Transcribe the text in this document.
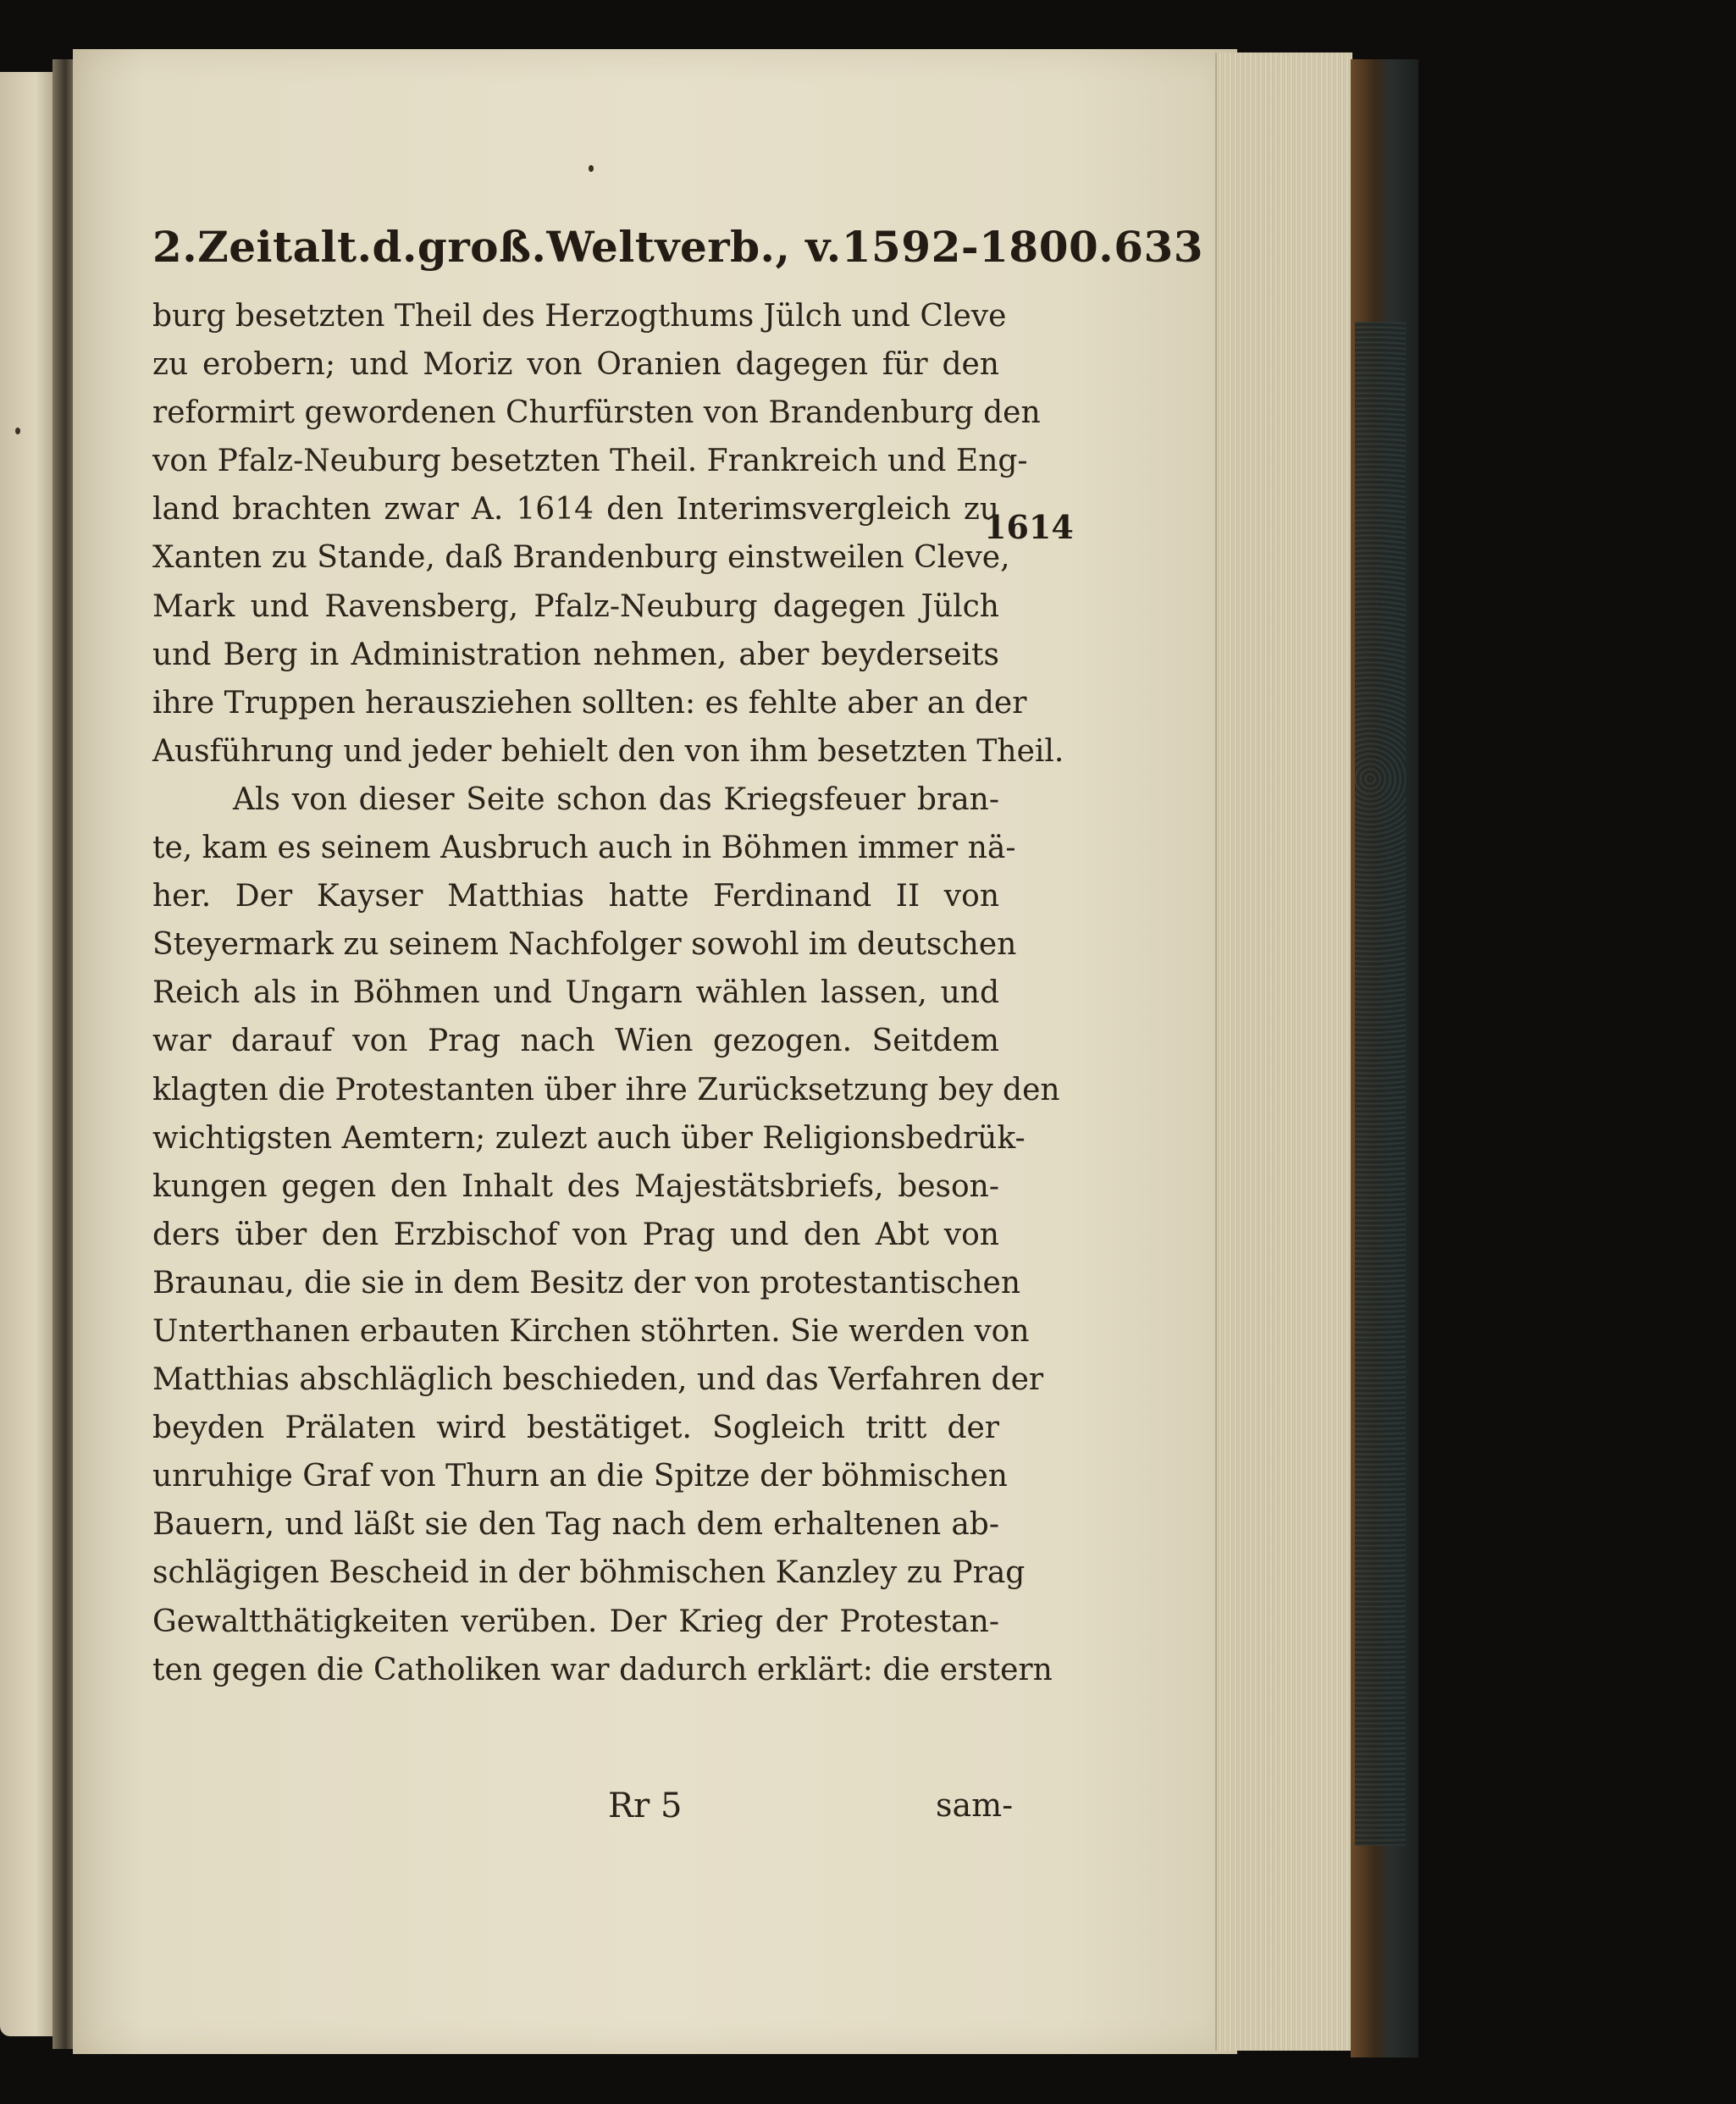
2.Zeitalt.d.groß.Weltverb., v.1592-1800. 633
1614
burg besetzten Theil des Herzogthums Jülch und Cleve
zu erobern; und Moriz von Oranien dagegen für den
reformirt gewordenen Churfürsten von Brandenburg den
von Pfalz-Neuburg besetzten Theil. Frankreich und Eng-
land brachten zwar A. 1614 den Interimsvergleich zu
Xanten zu Stande, daß Brandenburg einstweilen Cleve,
Mark und Ravensberg, Pfalz-Neuburg dagegen Jülch
und Berg in Administration nehmen, aber beyderseits
ihre Truppen herausziehen sollten: es fehlte aber an der
Ausführung und jeder behielt den von ihm besetzten Theil.
Als von dieser Seite schon das Kriegsfeuer bran-
te, kam es seinem Ausbruch auch in Böhmen immer nä-
her. Der Kayser Matthias hatte Ferdinand II von
Steyermark zu seinem Nachfolger sowohl im deutschen
Reich als in Böhmen und Ungarn wählen lassen, und
war darauf von Prag nach Wien gezogen. Seitdem
klagten die Protestanten über ihre Zurücksetzung bey den
wichtigsten Aemtern; zulezt auch über Religionsbedrük-
kungen gegen den Inhalt des Majestätsbriefs, beson-
ders über den Erzbischof von Prag und den Abt von
Braunau, die sie in dem Besitz der von protestantischen
Unterthanen erbauten Kirchen stöhrten. Sie werden von
Matthias abschläglich beschieden, und das Verfahren der
beyden Prälaten wird bestätiget. Sogleich tritt der
unruhige Graf von Thurn an die Spitze der böhmischen
Bauern, und läßt sie den Tag nach dem erhaltenen ab-
schlägigen Bescheid in der böhmischen Kanzley zu Prag
Gewaltthätigkeiten verüben. Der Krieg der Protestan-
ten gegen die Catholiken war dadurch erklärt: die erstern
Rr 5	sam-
